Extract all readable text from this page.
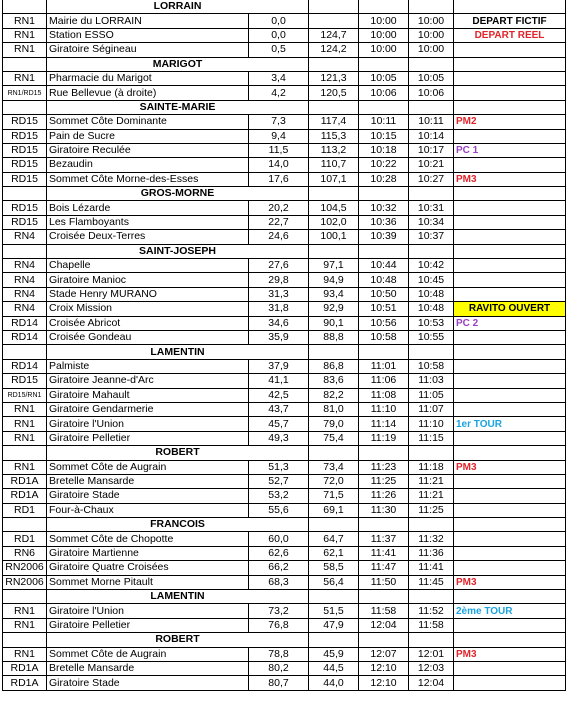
	LORRAIN					
RN1	Mairie du LORRAIN	0,0		10:00	10:00	DEPART FICTIF
RN1	Station ESSO	0,0	124,7	10:00	10:00	DEPART REEL
RN1	Giratoire Ségineau	0,5	124,2	10:00	10:00	
	MARIGOT					
RN1	Pharmacie du Marigot	3,4	121,3	10:05	10:05	
RN1/RD15	Rue Bellevue (à droite)	4,2	120,5	10:06	10:06	
	SAINTE-MARIE					
RD15	Sommet Côte Dominante	7,3	117,4	10:11	10:11	PM2
RD15	Pain de Sucre	9,4	115,3	10:15	10:14	
RD15	Giratoire Reculée	11,5	113,2	10:18	10:17	PC 1
RD15	Bezaudin	14,0	110,7	10:22	10:21	
RD15	Sommet Côte Morne-des-Esses	17,6	107,1	10:28	10:27	PM3
	GROS-MORNE					
RD15	Bois Lézarde	20,2	104,5	10:32	10:31	
RD15	Les Flamboyants	22,7	102,0	10:36	10:34	
RN4	Croisée Deux-Terres	24,6	100,1	10:39	10:37	
	SAINT-JOSEPH					
RN4	Chapelle	27,6	97,1	10:44	10:42	
RN4	Giratoire Manioc	29,8	94,9	10:48	10:45	
RN4	Stade Henry MURANO	31,3	93,4	10:50	10:48	
RN4	Croix Mission	31,8	92,9	10:51	10:48	RAVITO OUVERT
RD14	Croisée Abricot	34,6	90,1	10:56	10:53	PC 2
RD14	Croisée Gondeau	35,9	88,8	10:58	10:55	
	LAMENTIN					
RD14	Palmiste	37,9	86,8	11:01	10:58	
RD15	Giratoire Jeanne-d'Arc	41,1	83,6	11:06	11:03	
RD15/RN1	Giratoire Mahault	42,5	82,2	11:08	11:05	
RN1	Giratoire Gendarmerie	43,7	81,0	11:10	11:07	
RN1	Giratoire l'Union	45,7	79,0	11:14	11:10	1er TOUR
RN1	Giratoire Pelletier	49,3	75,4	11:19	11:15	
	ROBERT					
RN1	Sommet Côte de Augrain	51,3	73,4	11:23	11:18	PM3
RD1A	Bretelle Mansarde	52,7	72,0	11:25	11:21	
RD1A	Giratoire Stade	53,2	71,5	11:26	11:21	
RD1	Four-à-Chaux	55,6	69,1	11:30	11:25	
	FRANCOIS					
RD1	Sommet Côte de Chopotte	60,0	64,7	11:37	11:32	
RN6	Giratoire Martienne	62,6	62,1	11:41	11:36	
RN2006	Giratoire Quatre Croisées	66,2	58,5	11:47	11:41	
RN2006	Sommet Morne Pitault	68,3	56,4	11:50	11:45	PM3
	LAMENTIN					
RN1	Giratoire l'Union	73,2	51,5	11:58	11:52	2ème TOUR
RN1	Giratoire Pelletier	76,8	47,9	12:04	11:58	
	ROBERT					
RN1	Sommet Côte de Augrain	78,8	45,9	12:07	12:01	PM3
RD1A	Bretelle Mansarde	80,2	44,5	12:10	12:03	
RD1A	Giratoire Stade	80,7	44,0	12:10	12:04	
